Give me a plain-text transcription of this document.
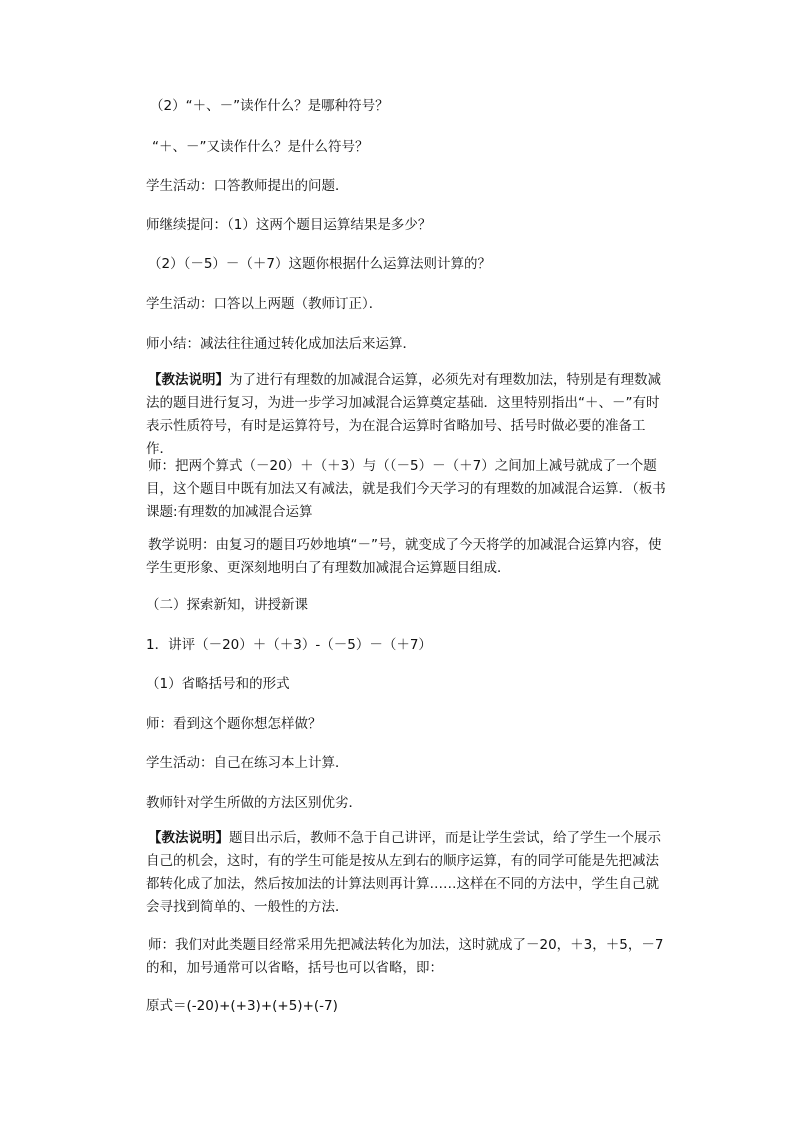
（2）“＋、－”读作什么？是哪种符号？
“＋、－”又读作什么？是什么符号？
学生活动：口答教师提出的问题．
师继续提问：（1）这两个题目运算结果是多少？
（2）（－5）－（＋7）这题你根据什么运算法则计算的？
学生活动：口答以上两题（教师订正）．
师小结：减法往往通过转化成加法后来运算．
【教法说明】为了进行有理数的加减混合运算，必须先对有理数加法，特别是有理数减法的题目进行复习，为进一步学习加减混合运算奠定基础．这里特别指出“＋、－”有时表示性质符号，有时是运算符号，为在混合运算时省略加号、括号时做必要的准备工作．
师：把两个算式（－20）＋（＋3）与（（－5）－（＋7）之间加上减号就成了一个题目，这个题目中既有加法又有减法，就是我们今天学习的有理数的加减混合运算．（板书课题:有理数的加减混合运算
教学说明：由复习的题目巧妙地填“－”号，就变成了今天将学的加减混合运算内容，使学生更形象、更深刻地明白了有理数加减混合运算题目组成．
（二）探索新知，讲授新课
1．讲评（－20）＋（＋3）-（－5）－（＋7）
（1）省略括号和的形式
师：看到这个题你想怎样做？
学生活动：自己在练习本上计算．
教师针对学生所做的方法区别优劣．
【教法说明】题目出示后，教师不急于自己讲评，而是让学生尝试，给了学生一个展示自己的机会，这时，有的学生可能是按从左到右的顺序运算，有的同学可能是先把减法都转化成了加法，然后按加法的计算法则再计算……这样在不同的方法中，学生自己就会寻找到简单的、一般性的方法．
师：我们对此类题目经常采用先把减法转化为加法，这时就成了－20，＋3，＋5，－7的和，加号通常可以省略，括号也可以省略，即：
原式＝(-20)+(+3)+(+5)+(-7)
